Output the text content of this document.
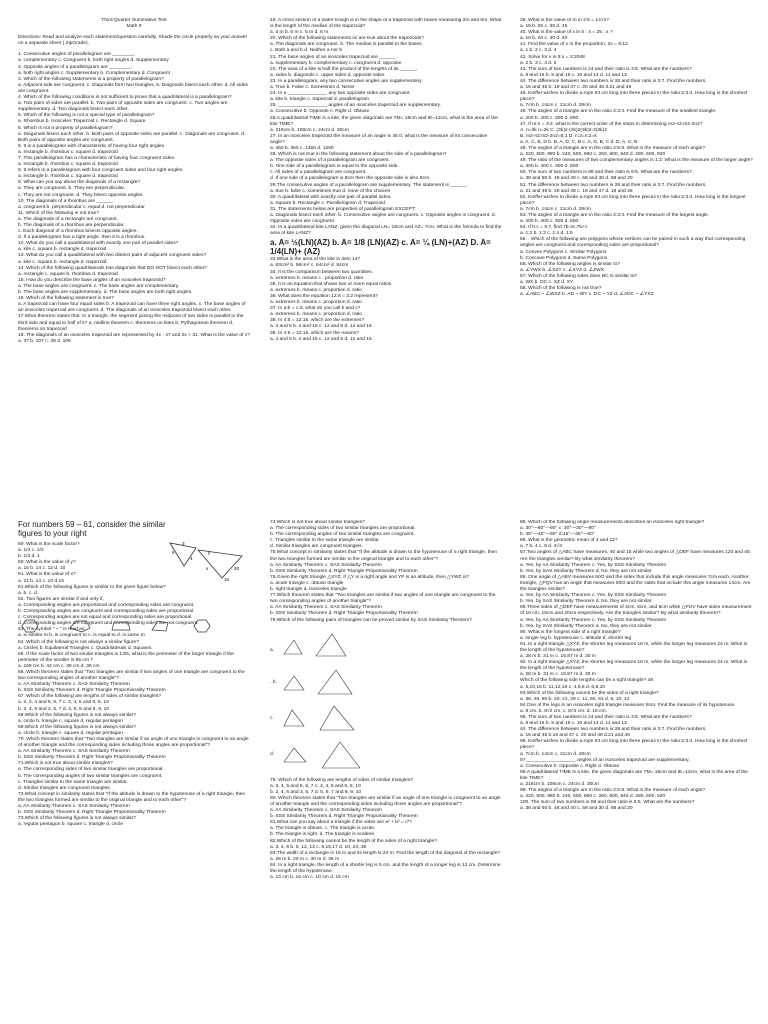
Third Quarter Summative Test

Math 9

Directions: Read and analyze each statement/question carefully. Shade the circle properly as your answer on a separate sheet ( ZipGrade).

1. Consecutive angles of parallelogram are ________.

a. complementary c. Congruent b. both right angles d. Supplementary

2. Opposite angles of a parallelogram are ________.

a. both right angles c. Supplementary b. Complementary d. Congruent

3. Which of the following statements is a property of parallelogram?

a. Adjacent side are congruent. c. Diagonals form two triangles. b. Diagonals bisect each other. d. All sides are congruent.

4. Which of the following conditions is not sufficient to prove that a quadrilateral is a parallelogram?

a. Two pairs of sides are parallel. b. Two pairs of opposite sides are congruent. c. Two angles are supplementary. d. Two diagonals bisect each other.

5. Which of the following is not a special type of parallelogram?

a. Rhombus b. Isosceles Trapezoid c. Rectangle d. Square

5. Which is not a property of parallelogram?

a. Diagonals bisect each other. b. Both pairs of opposite sides are parallel. c. Diagonals are congruent. d. Both pairs of opposite angles are congruent.

6. It is a parallelogram with characteristic of having four right angles.

a. rectangle b. rhombus c. square d. trapezoid

7. This parallelogram has a characteristic of having four congruent sides.

a. rectangle b. rhombus c. square d. trapezoid

8. It refers to a parallelogram with four congruent sides and four right angles.

a. rectangle b. rhombus c. square d. trapezoid

9. What can you say about the diagonals of a rectangle?

a. They are congruent. b. They are perpendicular.

c. They are not congruent. d. They bisect opposite angles.

10. The diagonals of a rhombus are ______.

a. congruent b. perpendicular c. equal d. not perpendicular

11. Which of the following is not true?

a. The diagonals of a rectangle are congruent.

b. The diagonals of a rhombus are perpendicular.

c. Each diagonal of a rhombus bisects opposite angles.

d. If a parallelogram has a right angle, then it is a rhombus.

12. What do you call a quadrilateral with exactly one pair of parallel sides?

a. kite c. square b. rectangle d. trapezoid

13. What do you call a quadrilateral with two distinct pairs of adjacent congruent sides?

a. kite c. square b. rectangle d. trapezoid

14. Which of the following quadrilaterals has diagonals that DO NOT bisect each other?

a. rectangle c. square b. rhombus d. trapezoid

15. How do you describe the base angles of an isosceles trapezoid?

a. The base angles are congruent. c. The base angles are complementary.

b. The base angles are supplementary. d. The base angles are both right angles.

16. Which of the following statement is true?

a. A trapezoid can have four equal sides b. A trapezoid can have three right angles. c. The base angles of an isosceles trapezoid are congruent. d. The diagonals of an isosceles trapezoid bisect each other.

17.What theorem states that: In a triangle, the segment joining the midpoint of two sides is parallel to the third side and equal to half of it? a. midline theorem c. theorems on kites b. Pythagorean theorem d. theorems on trapezoid

18. The diagonals of an isosceles trapezoid are represented by 4x - 47 and 2x + 31. What is the value of x? a. 37 b. 107 c. 39 d. 109

19. A cross section of a water trough is in the shape of a trapezoid with bases measuring 2m and 6m. What is the length of the median of the trapezoid?

a. 4 m b. 6 m c. 5 m d. 8 m

20. Which of the following statements is/ are true about the trapezoids?

a. The diagonals are congruent. b. The median is parallel to the bases.

c. Both a and b d. Neither a nor b

21. The base angles of an isosceles trapezoid are ______.

a. supplementary b. complementary c. congruent d. opposite

22. The area of a kite is half the product of the lengths of its ______.

a. sides b. diagonals c. upper sides d. opposite sides

23. In a parallelogram, any two consecutive angles are supplementary.

a. True b. False c. Sometimes d. Never

24. In a ______________, any two opposite sides are congruent.

a. kite b. triangle c. trapezoid d. parallelogram

25. __________________ angles of an isosceles trapezoid are supplementary.

a. Consecutive b. Opposite c. Right d. Obtuse

26.A quadrilateral TIME is a kite, the given diagonals are TM= 18cm and IE=12cm, what is the area of the kite TIME?

a. 216cm b. 108cm c. 24cm d. 30cm

27. In an isosceles trapezoid the measure of an angle is 45 0, what is the measure of its consecutive angle?

a. 450 b. 350 c. 1350 d. 1250

28. Which is not true in the following statement about the side of a parallelogram?

a. The opposite sides of a parallelogram are congruent.

b. One side of a parallelogram is equal to the opposite side.

c. All sides of a parallelogram are congruent.

d. If one side of a parallelogram is 8cm then the opposite side is also 8cm

29.The consecutive angles of a parallelogram are supplementary. The statement is ______.

a. true b. false c. sometimes true d. none of the choices

30. A quadrilateral with exactly one pair of parallel sides.

a. Square b. Rectangle c. Parallelogram d. Trapezoid

31. The statements below are properties of parallelogram EXCEPT:

a. Diagonals bisect each other. b. Consecutive angles are congruent. c. Opposite angles is congruent. d. Opposite sides are congruent.

32. In a quadrilateral kite LANZ, given the diagonal LN= 18cm and AZ= 7cm. What is the formula to find the area of kite LANZ?

a. A= ½(LN)(AZ) b. A= 1/8 (LN)(AZ) c. A= ¼ (LN)+(AZ) D. A= 1/4(LN)+ (AZ)

33.What is the area of the kite in item 14?

a. 63cm² b. 56cm² c. 64cm² d. 84cm

34. It is the comparison between two quantities.

a. extremes b. means c . proportion d. ratio

35. It is an equation that shows two or more equal ratios.

a. extremes b. means c. proportion d. ratio

36. What does the equation 12:8 = 3:2 represent?

a. extremes b. means c. proportion d. ratio

37. In a:b = c:d, what do you call b and c?

a. extremes b. means c. proportion d. ratio

38. In 4:5 = 12:15, which are the extremes?

a. 4 and 5 b. 4 and 15 c. 12 and 5 d. 12 and 15

38. In 4:5 = 12:15, which are the means?

a. 4 and 5 b. 4 and 15 c. 12 and 5 d. 12 and 15

39. What is the value of m in 2:5 = 14:m?

a. 15 b. 25 c. 35 d. 45

40. What is the value of x in 5 : 4 = 25 : x ?

a. 10 b. 20 c. 30 d. 40

41. Find the value of x in the proportion, 2x = 8:12

a. 1 b. 2 c. 3 d. 4

42. Solve for x in 5:x = 3:2048

a. 2 b. 3 c. 4 d. 5

43. The sum of two numbers is 24 and their ratio is 3:5. What are the numbers?

a. 8 and 16 b. 9 and 15 c. 10 and 14 d. 11 and 13

44. The difference between two numbers is 28 and their ratio is 3:7. Find the numbers.

a. 18 and 46 b. 19 and 47 c. 20 and 48 d.21 and 49

45. Kieffer wishes to divide a rope 63 cm long into three pieces in the ratio 2:3:4. How long is the shortest piece?

a. 7cm b. 14cm c. 21cm d. 28cm

46. The angles of a triangle are in the ratio 2:3:4. Find the measure of the smallest triangle.

a. 200 b. 400 c. 600 d. 800

47. If m:n = 3:2, what is the correct order of the steps in determining m2-n2:m2-2n2?

A. n=3k n=2k C. (3k)2-(2k)2(3k)2-2(2k)2

B. m2-n2:m2-2n2=5:1 D. n:3=n:2=k

a. A, C, B, D b. B, A, D, C, B c. A, D, B, C d. D, A, C, B

48. The angles of a triangle are in the ratio 2:5:8. What is the measure of each angle?

a. 220, 600, 980 b. 240, 600, 960 c. 260, 600, 940 d. 280, 600, 920

49. The ratio of the measures of two complementary angles is 1:2. What is the measure of the larger angle?

a. 300 b. 400 c. 500 d. 600

50. The sum of two numbers is 88 and their ratio is 6:5. What are the numbers?

a. 38 and 50 b. 48 and 40 c. 58 and 30 d. 68 and 20

51. The difference between two numbers is 28 and their ratio is 3:7. Find the numbers.

a. 21 and 49 b. 20 and 48 c. 19 and 47 d. 18 and 46

52. Kieffer wishes to divide a rope 63 cm long into three pieces in the ratio 2:3:4. How long is the longest piece?

a. 7cm b. 14cm c. 21cm d. 28cm

53. The angles of a triangle are in the ratio 2:3:4. Find the measure of the largest angle.

a. 200 b. 400 c. 600 d. 800

54. If b:c = 5:7, find 7b-3c:7b+c

a. 1:2 b. 1:3 c. 1:4 d. 1:5

55. . Which of the following are polygons whose vertices can be paired in such a way that corresponding angles are congruent and corresponding sides are proportional?

a. Convex Polygons c. Similar Polygons

b. Concave Polygons d. Same Polygons

56. Which of the following angles is similar to?

a. ∠YWX b. ∠XZY c. ∠XYZ d. ∠ZWX

57. Which of the following sides does BC is similar to?

a. WX b. DC c. XZ d. XY

58. Which of the following is not true?

a. ∠ABC ~ ∠WXZ b. AD ~ WY c. DC ~ YZ d. ∠ADC ~ ∠YXZ

For numbers 59 – 61, consider the similar figures to your right

59. What is the scale factor?

a. 1/4 c. 1/2

b. 1/3 d. 1

60. What is the value of y?

a. 15 b. 14 c. 12 d. 10

61. What is the value of x?

a. 21 b. 14 c. 10 d.15

61.Which of the following figures is similar to the given figure below?

a. b. c. d.

62. Two figures are similar if and only if,

a. Corresponding angles are proportional and corresponding sides are congruent.

b. Corresponding angles are congruent and corresponding sides are proportional.

c. Corresponding angles are not equal and corresponding sides are proportional.

d. Corresponding angles are congruent and corresponding sides are not congruent.

63. The symbol " ~ " is read as,

a. is similar to b. is congruent to c. is equal to d. is same to

64. Which of the following is not always a similar figure?

a. Circles b. Equilateral Triangles c. Quadrilaterals d. Squares

65. If the scale factor of two similar triangles is 13/5, what is the perimeter of the larger triangle if the perimeter of the smaller is 65 cm ?

a. 169 cm b. 42 cm c. 39 cm d. 36 cm

66. Which theorem states that "Two triangles are similar if two angles of one triangle are congruent to the two corresponding angles of another triangle"?

a. AA Similarity Theorem c. SAS Similarity Theorem

b. SSS Similarity Theorem d. Right Triangle Proportionality Theorem

67. Which of the following are lengths of sides of similar triangles?

a. 2, 3, 4 and 5, 6, 7 c. 3, 4, 5 and 6, 8, 10

b. 2, 4, 6 and 3, 5, 7 d. 4, 5, 6 and 8, 9, 10

68.Which of the following figures is not always similar?

a. circle b. triangle c. square d. regular pentagon

69.Which of the following figures is not always similar?

a. circle b. triangle c. square d. regular pentagon

70. Which theorem states that "Two triangles are similar if an angle of one triangle is congruent to an angle of another triangle and the corresponding sides including those angles are proportional"?

a. AA Similarity Theorem c. SAS Similarity Theorem

b. SSS Similarity Theorem d. Right Triangle Proportionality Theorem

71.Which is not true about similar triangles?

a. The corresponding sides of two similar triangles are proportional.

b. The corresponding angles of two similar triangles are congruent.

c. Triangles similar to the same triangle are similar.

d. Similar triangles are congruent triangles.

72.What concept in similarity states that "If the altitude is drawn to the hypotenuse of a right triangle, then the two triangles formed are similar to the original triangle and to each other"?

a. AA Similarity Theorem c. SAS Similarity Theorem

b. SSS Similarity Theorem d. Right Triangle Proportionality Theorem

73.Which of the following figures is not always similar?

a. regular pentagon b. square c. triangle d. circle

6
4
3
y
x	20
15

74.Which is not true about similar triangles?

a. The corresponding sides of two similar triangles are proportional.

b. The corresponding angles of two similar triangles are congruent.

c. Triangles similar to the same triangle are similar.

d. Similar triangles are congruent triangles.

75.What concept in similarity states that "If the altitude is drawn to the hypotenuse of a right triangle, then the two triangles formed are similar to the original triangle and to each other"?

a. AA Similarity Theorem c. SAS Similarity Theorem

b. SSS Similarity Theorem d. Right Triangle Proportionality Theorem

76.Given the right triangle △XYZ, if △Y is a right angle and YP is an altitude, then △YWZ is?

a. acute triangle c. obtuse triangle

b. right triangle d. isosceles triangle

77.Which theorem states that "Two triangles are similar if two angles of one triangle are congruent to the two corresponding angles of another triangle"?

a. AA Similarity Theorem c. SAS Similarity Theorem

b. SSS Similarity Theorem d. Right Triangle Proportionality Theorem

78.Which of the following pairs of triangles can be proved similar by SAS Similarity Theorem?

a.
. b.
c.
d.

79. Which of the following are lengths of sides of similar triangles?

a. 3, 4, 5 and 5, 6, 7 c. 3, 4, 5 and 6, 8, 10

b. 2, 4, 6 and 3, 5, 7 d. 5, 6, 7 and 8, 9, 10

80. Which theorem states that "Two triangles are similar if an angle of one triangle is congruent to an angle of another triangle and the corresponding sides including those angles are proportional"?

a. AA Similarity Theorem c. SAS Similarity Theorem

b. SSS Similarity Theorem d. Right Triangle Proportionality Theorem

81.What can you say about a triangle if the sides are a² + b² = c²?

a. The triangle is obtuse. c. The triangle is acute.

b. The triangle is right. d. The triangle is scalene.

82.Which of the following cannot be the length of the sides of a right triangle?

a. 3, 4, 5 b. 5, 12, 13 c. 8,15,17 d. 10, 24, 35

83.The width of a rectangle is 18 m and its length is 24 m. Find the length of the diagonal of the rectangle?

a. 28 m b. 29 m c. 30 m d. 36 m

84. In a right triangle, the length of a shorter leg is 5 cm. and the length of a longer leg is 12 cm. Determine the length of the hypotenuse.

a. 13 cm b. 16 cm c. 10 cm d. 15 cm

85. Which of the following angle measurements describes an isosceles right triangle?

a. 30°—60°—90° c. 30°—30°—90°

b. 45°—45°—90° d.45°—45°—60°

86. What is the geometric mean of 4 and 12?

a. 7 b. 4 c. 8 d. 4√3

87.Two angles of △ABC have measures, 40 and 15 while two angles of △DEF have measures 120 and 40. Are the triangles similar? By what similarity theorem?

a. Yes, by AA Similarity Theorem c. Yes, by SSS Similarity Theorem

b. Yes, by SAS Similarity Theorem d. No, they are not similar

88. One angle of △ABV measures 50O and the sides that include this angle measures 7cm each. Another triangle, △PQV has an angle that measures 50O and the sides that include this angle measures 14cm. Are the triangles similar?

a. Yes, by AA Similarity Theorem c. Yes, by SSS Similarity Theorem

b. Yes, by SAS Similarity Theorem d. No, they are not similar

89.Three sides of △DEF have measurements of 4cm, 6cm, and 8cm while △PUV have sides measurement of 10 cm, 15cm and 20cm respectively. Are the triangles similar? By what similarity theorem?

a. Yes, by AA Similarity Theorem c. Yes, by SSS Similarity Theorem

b. Yes, by SAS Similarity Theorem d. No, they are not similar

90. What is the longest side of a right triangle?

a. longer leg b. hypotenuse c. altitude d. shorter leg

91. In a right triangle △XYZ, the shorter leg measures 18 m, while the longer leg measures 24 m. What is the length of the hypotenuse?

a. 28 m b. 31 m c. 15.87 m d. 30 m

92. In a right triangle △XYZ, the shorter leg measures 18 m, while the longer leg measures 24 m. What is the length of the hypotenuse?

a. 28 m b. 31 m c. 15.87 m d. 30 m

Which of the following side lengths can be a right triangle? 48

a. 5,10,15 b. 11,12,16 c. 4,5,6 d. 6,8,10

93.Which of the following cannot be the sides of a right triangle?

a. 36, 48, 60 b. 20, 21, 29 c. 11, 60, 61 d. 5, 10, 12

94.One of the legs in an isosceles right triangle measures 8cm. Find the measure of its hypotenuse.

a. 8 cm. b. 8√2 cm. c. 8√3 cm. d. 16 cm.

95. The sum of two numbers is 24 and their ratio is 3:5. What are the numbers?

a. 8 and 16 b. 9 and 15 c. 10 and 14 d. 11 and 13

44. The difference between two numbers is 28 and their ratio is 3:7. Find the numbers.

a. 18 and 46 b.19 and 47 c. 20 and 48 d.21 and 49

96. Kieffer wishes to divide a rope 63 cm long into three pieces in the ratio 2:3:4. How long is the shortest piece?

a. 7cm b. 14cm c. 21cm d. 28cm

97.__________________ angles of an isosceles trapezoid are supplementary.

a. Consecutive b. Opposite c. Right d. Obtuse

98.A quadrilateral TIME is a kite, the given diagonals are TM= 18cm and IE=12cm, what is the area of the kite TIME?

a. 216cm b. 108cm c. 24cm d. 30cm

99. The angles of a triangle are in the ratio 2:5:8. What is the measure of each angle?

a. 220, 600, 980 b. 240, 600, 960 c. 260, 600, 940 d. 280, 600, 920

100. The sum of two numbers is 88 and their ratio is 6:5. What are the numbers?

a. 38 and 50 b. 48 and 40 c. 58 and 30 d. 68 and 20
